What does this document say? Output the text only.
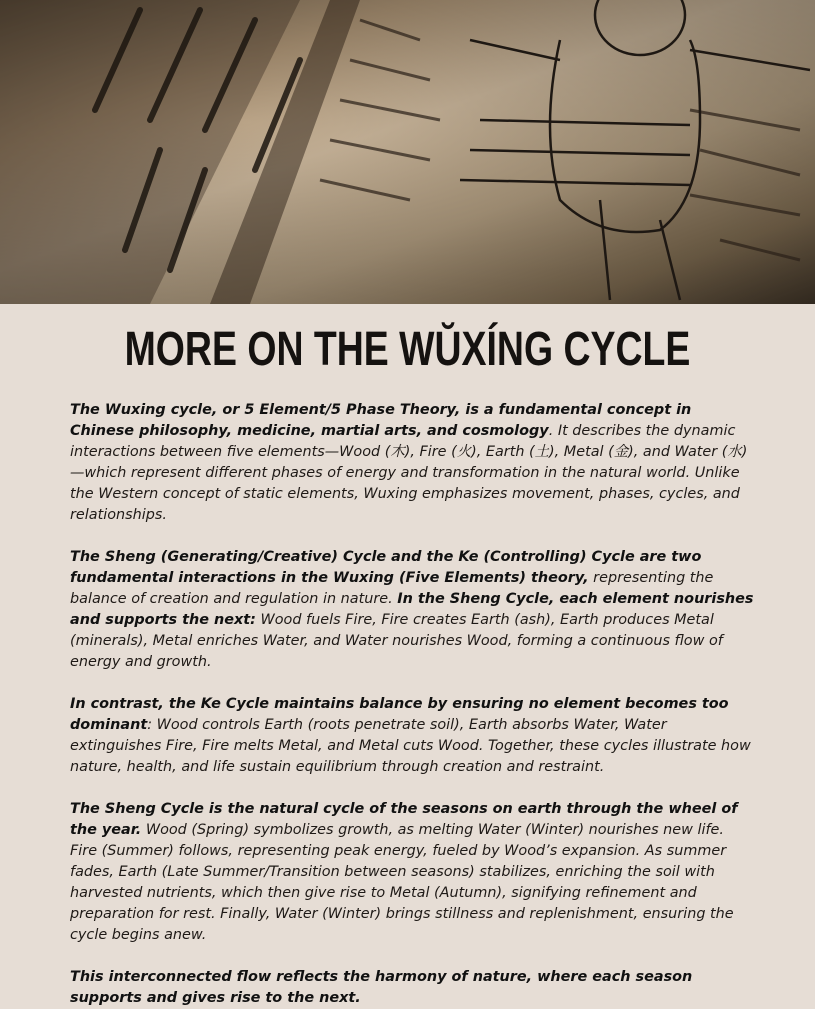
MORE ON THE WŬXÍNG CYCLE

The Wuxing cycle, or 5 Element/5 Phase Theory, is a fundamental concept in Chinese philosophy, medicine, martial arts, and cosmology. It describes the dynamic interactions between five elements—Wood (木), Fire (火), Earth (土), Metal (金), and Water (水)—which represent different phases of energy and transformation in the natural world. Unlike the Western concept of static elements, Wuxing emphasizes movement, phases, cycles, and relationships.

The Sheng (Generating/Creative) Cycle and the Ke (Controlling) Cycle are two fundamental interactions in the Wuxing (Five Elements) theory, representing the balance of creation and regulation in nature. In the Sheng Cycle, each element nourishes and supports the next: Wood fuels Fire, Fire creates Earth (ash), Earth produces Metal (minerals), Metal enriches Water, and Water nourishes Wood, forming a continuous flow of energy and growth.

In contrast, the Ke Cycle maintains balance by ensuring no element becomes too dominant: Wood controls Earth (roots penetrate soil), Earth absorbs Water, Water extinguishes Fire, Fire melts Metal, and Metal cuts Wood. Together, these cycles illustrate how nature, health, and life sustain equilibrium through creation and restraint.

The Sheng Cycle is the natural cycle of the seasons on earth through the wheel of the year. Wood (Spring) symbolizes growth, as melting Water (Winter) nourishes new life. Fire (Summer) follows, representing peak energy, fueled by Wood’s expansion. As summer fades, Earth (Late Summer/Transition between seasons) stabilizes, enriching the soil with harvested nutrients, which then give rise to Metal (Autumn), signifying refinement and preparation for rest. Finally, Water (Winter) brings stillness and replenishment, ensuring the cycle begins anew.

This interconnected flow reflects the harmony of nature, where each season supports and gives rise to the next.
